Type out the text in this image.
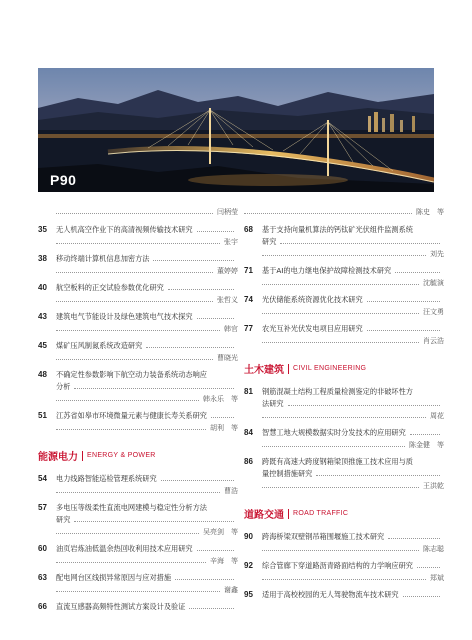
P90
闫柄莹
35	无人机高空作业下的高清视频传输技术研究
张宇
38	移动终端计算机信息加密方法
董婷婷
40	航空板料的正交试验参数优化研究
张哲义
43	建筑电气节能设计及绿色建筑电气技术探究
韩官
45	煤矿压风制氮系统改造研究
曹晓光
48	不确定性参数影响下航空动力装备系统动态响应
分析
韩永乐　等
51	江苏省如皋市环境微量元素与健康长寿关系研究
胡利　等
能源电力 ENERGY & POWER
54	电力线路智能巡检管理系统研究
曹浩
57	多电压等级柔性直流电网建模与稳定性分析方法
研究
吴亮剑　等
60	油页岩炼油低温余热回收利用技术应用研究
辛海　等
63	配电网台区线损异常原因与应对措施
谢鑫
66	直流互感器高频特性测试方案设计及验证
陈史　等
68	基于支持向量机算法的钙钛矿光伏组件监测系统
研究
刘先
71	基于AI的电力继电保护故障检测技术研究
沈毓演
74	光伏储能系统资源优化技术研究
汪文勇
77	农光互补光伏发电项目应用研究
肖云浩
土木建筑 CIVIL ENGINEERING
81	钢筋混凝土结构工程质量检测鉴定的非破坏性方
法研究
周花
84	智慧工地大规模数据实时分发技术的应用研究
陈金健　等
86	跨既有高速大跨度钢箱梁顶推施工技术应用与质
量控制措施研究
王洪乾
道路交通 ROAD TRAFFIC
90	跨海桥梁双壁钢吊箱围堰施工技术研究
陈志聪
92	综合管廊下穿道路沥青路面结构的力学响应研究
郑斌
95	适用于高校校园的无人驾驶物流车技术研究
